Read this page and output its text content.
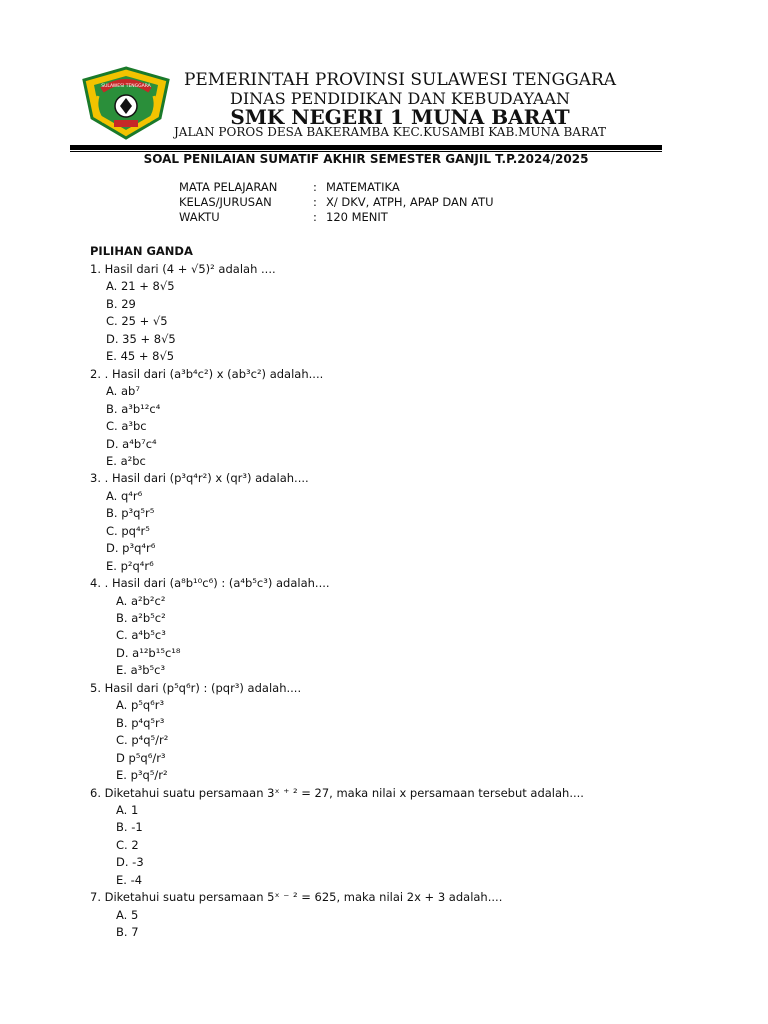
SULAWESI TENGGARA	PEMERINTAH PROVINSI SULAWESI TENGGARA
DINAS PENDIDIKAN DAN KEBUDAYAAN
SMK NEGERI 1 MUNA BARAT
JALAN POROS DESA BAKERAMBA KEC.KUSAMBI KAB.MUNA BARAT
SOAL PENILAIAN SUMATIF AKHIR SEMESTER GANJIL T.P.2024/2025
MATA PELAJARAN	: MATEMATIKA
KELAS/JURUSAN	: X/ DKV, ATPH, APAP DAN ATU
WAKTU	: 120 MENIT
PILIHAN GANDA
1. Hasil dari (4 + √5)² adalah ....
A. 21 + 8√5
B. 29
C. 25 + √5
D. 35 + 8√5
E. 45 + 8√5
2. . Hasil dari (a³b⁴c²) x (ab³c²) adalah....
A. ab⁷
B. a³b¹²c⁴
C. a³bc
D. a⁴b⁷c⁴
E. a²bc
3. . Hasil dari (p³q⁴r²) x (qr³) adalah....
A. q⁴r⁶
B. p³q⁵r⁵
C. pq⁴r⁵
D. p³q⁴r⁶
E. p²q⁴r⁶
4. . Hasil dari (a⁸b¹⁰c⁶) : (a⁴b⁵c³) adalah....
A. a²b²c²
B. a²b⁵c²
C. a⁴b⁵c³
D. a¹²b¹⁵c¹⁸
E. a³b⁵c³
5. Hasil dari (p⁵q⁶r) : (pqr³) adalah....
A. p⁵q⁶r³
B. p⁴q⁵r³
C. p⁴q⁵/r²
D p⁵q⁶/r³
E. p³q⁵/r²
6. Diketahui suatu persamaan 3ˣ ⁺ ² = 27, maka nilai x persamaan tersebut adalah....
A. 1
B. -1
C. 2
D. -3
E. -4
7. Diketahui suatu persamaan 5ˣ ⁻ ² = 625, maka nilai 2x + 3 adalah....
A. 5
B. 7
